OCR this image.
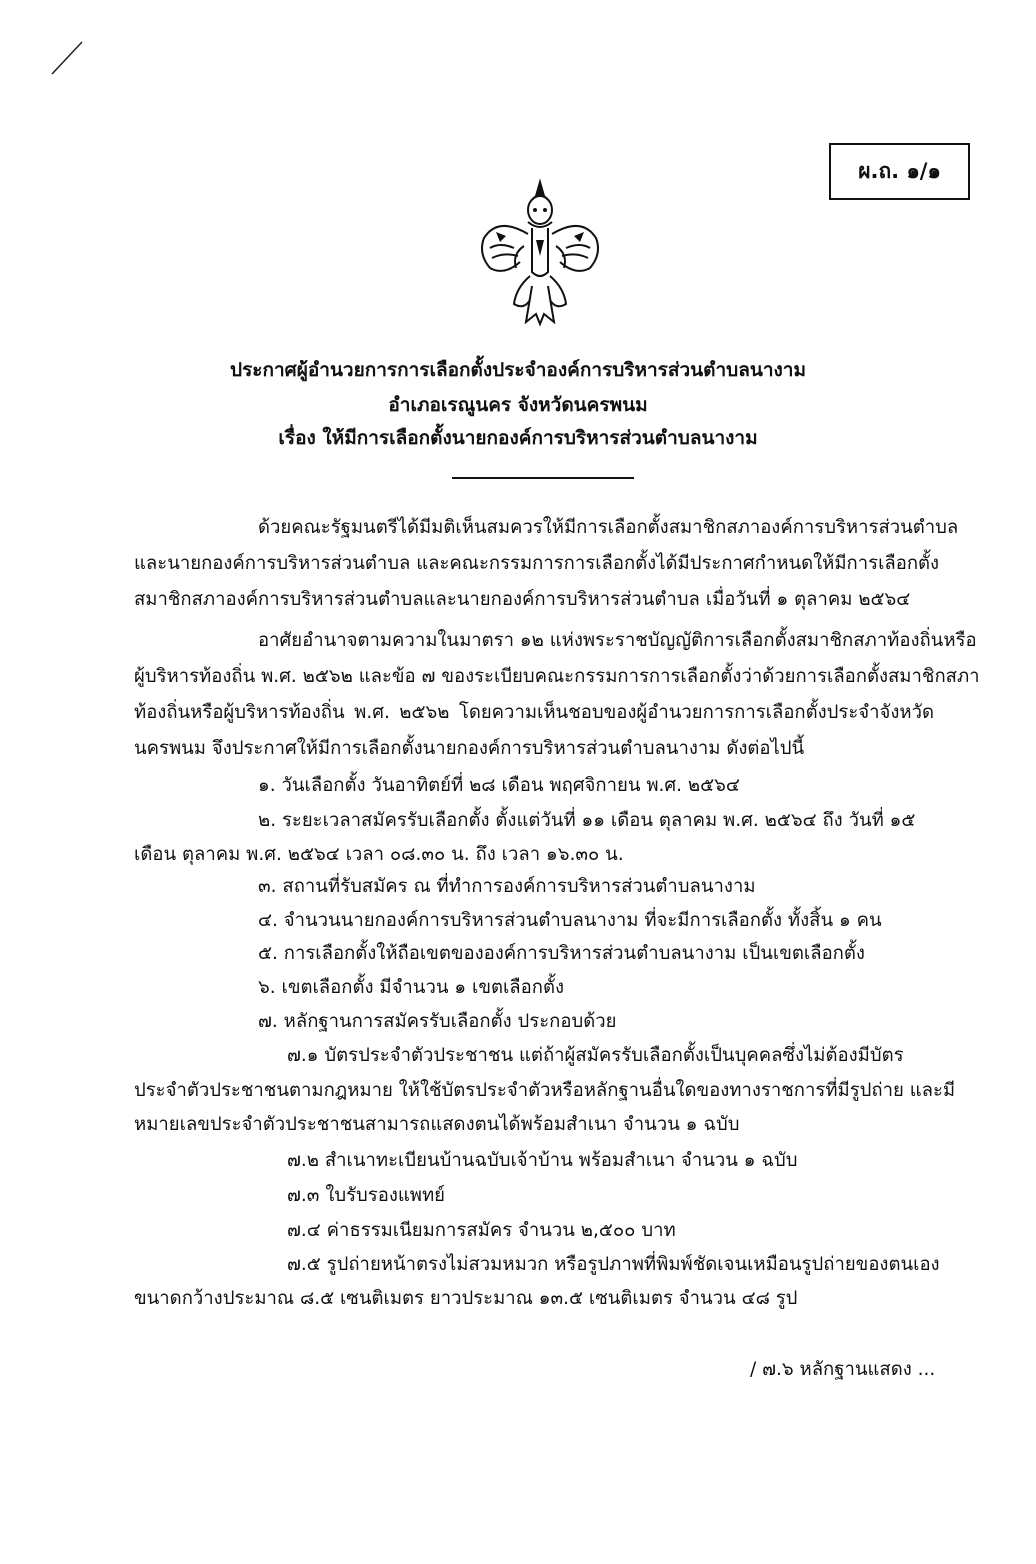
ผ.ถ. ๑/๑
ประกาศผู้อำนวยการการเลือกตั้งประจำองค์การบริหารส่วนตำบลนางาม
อำเภอเรณูนคร จังหวัดนครพนม
เรื่อง ให้มีการเลือกตั้งนายกองค์การบริหารส่วนตำบลนางาม
ด้วยคณะรัฐมนตรีได้มีมติเห็นสมควรให้มีการเลือกตั้งสมาชิกสภาองค์การบริหารส่วนตำบล
และนายกองค์การบริหารส่วนตำบล และคณะกรรมการการเลือกตั้งได้มีประกาศกำหนดให้มีการเลือกตั้ง
สมาชิกสภาองค์การบริหารส่วนตำบลและนายกองค์การบริหารส่วนตำบล เมื่อวันที่ ๑ ตุลาคม ๒๕๖๔
อาศัยอำนาจตามความในมาตรา ๑๒ แห่งพระราชบัญญัติการเลือกตั้งสมาชิกสภาท้องถิ่นหรือ
ผู้บริหารท้องถิ่น พ.ศ. ๒๕๖๒ และข้อ ๗ ของระเบียบคณะกรรมการการเลือกตั้งว่าด้วยการเลือกตั้งสมาชิกสภา
ท้องถิ่นหรือผู้บริหารท้องถิ่น พ.ศ. ๒๕๖๒ โดยความเห็นชอบของผู้อำนวยการการเลือกตั้งประจำจังหวัด
นครพนม จึงประกาศให้มีการเลือกตั้งนายกองค์การบริหารส่วนตำบลนางาม ดังต่อไปนี้
๑. วันเลือกตั้ง วันอาทิตย์ที่ ๒๘ เดือน พฤศจิกายน พ.ศ. ๒๕๖๔
๒. ระยะเวลาสมัครรับเลือกตั้ง ตั้งแต่วันที่ ๑๑ เดือน ตุลาคม พ.ศ. ๒๕๖๔ ถึง วันที่ ๑๕
เดือน ตุลาคม พ.ศ. ๒๕๖๔ เวลา ๐๘.๓๐ น. ถึง เวลา ๑๖.๓๐ น.
๓. สถานที่รับสมัคร ณ ที่ทำการองค์การบริหารส่วนตำบลนางาม
๔. จำนวนนายกองค์การบริหารส่วนตำบลนางาม ที่จะมีการเลือกตั้ง ทั้งสิ้น ๑ คน
๕. การเลือกตั้งให้ถือเขตขององค์การบริหารส่วนตำบลนางาม เป็นเขตเลือกตั้ง
๖. เขตเลือกตั้ง มีจำนวน ๑ เขตเลือกตั้ง
๗. หลักฐานการสมัครรับเลือกตั้ง ประกอบด้วย
๗.๑ บัตรประจำตัวประชาชน แต่ถ้าผู้สมัครรับเลือกตั้งเป็นบุคคลซึ่งไม่ต้องมีบัตร
ประจำตัวประชาชนตามกฎหมาย ให้ใช้บัตรประจำตัวหรือหลักฐานอื่นใดของทางราชการที่มีรูปถ่าย และมี
หมายเลขประจำตัวประชาชนสามารถแสดงตนได้พร้อมสำเนา จำนวน ๑ ฉบับ
๗.๒ สำเนาทะเบียนบ้านฉบับเจ้าบ้าน พร้อมสำเนา จำนวน ๑ ฉบับ
๗.๓ ใบรับรองแพทย์
๗.๔ ค่าธรรมเนียมการสมัคร จำนวน ๒,๕๐๐ บาท
๗.๕ รูปถ่ายหน้าตรงไม่สวมหมวก หรือรูปภาพที่พิมพ์ชัดเจนเหมือนรูปถ่ายของตนเอง
ขนาดกว้างประมาณ ๘.๕ เซนติเมตร ยาวประมาณ ๑๓.๕ เซนติเมตร จำนวน ๔๘ รูป
/ ๗.๖ หลักฐานแสดง ...
